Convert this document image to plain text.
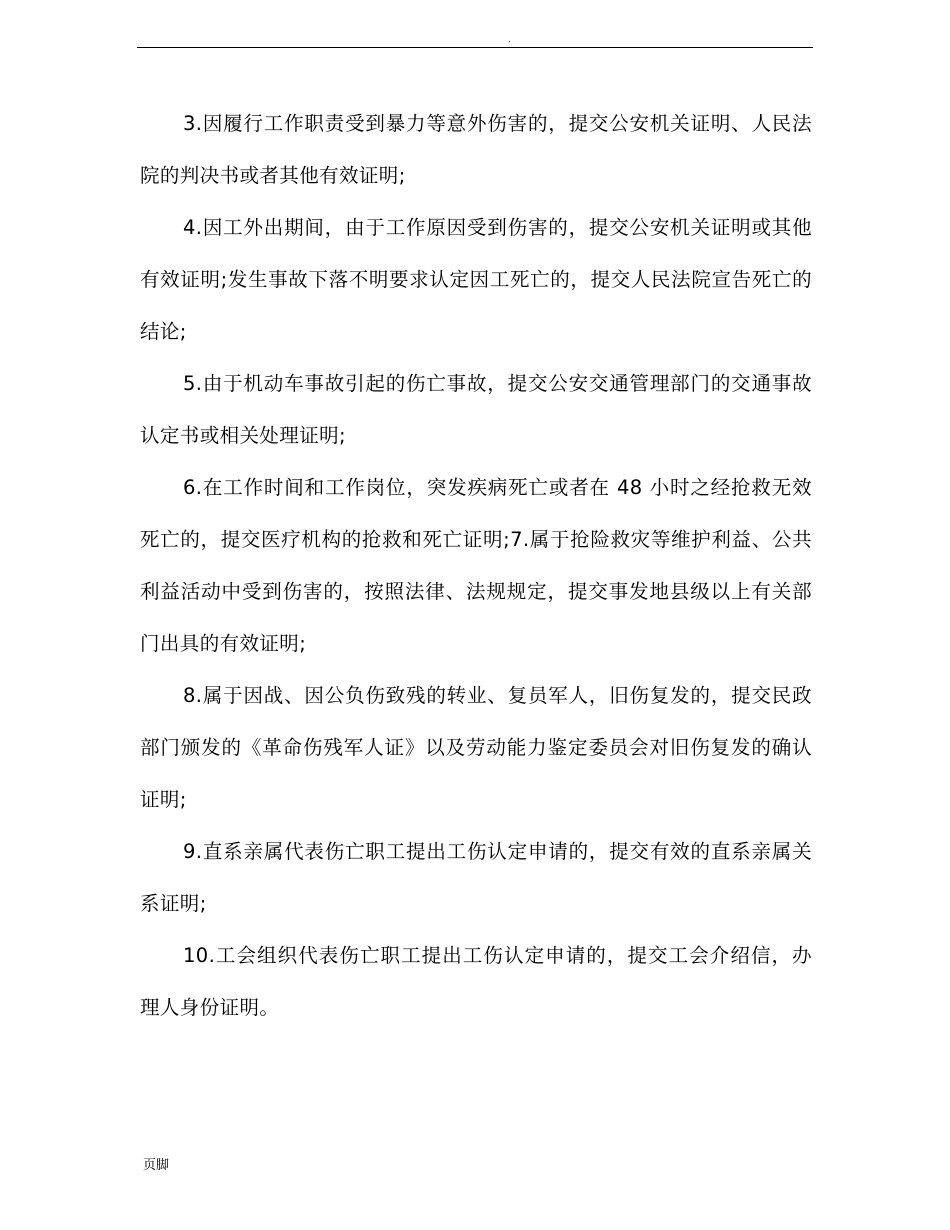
.

3.因履行工作职责受到暴力等意外伤害的，提交公安机关证明、人民法院的判决书或者其他有效证明;

4.因工外出期间，由于工作原因受到伤害的，提交公安机关证明或其他有效证明;发生事故下落不明要求认定因工死亡的，提交人民法院宣告死亡的结论;

5.由于机动车事故引起的伤亡事故，提交公安交通管理部门的交通事故认定书或相关处理证明;

6.在工作时间和工作岗位，突发疾病死亡或者在 48 小时之经抢救无效死亡的，提交医疗机构的抢救和死亡证明;7.属于抢险救灾等维护利益、公共利益活动中受到伤害的，按照法律、法规规定，提交事发地县级以上有关部门出具的有效证明;

8.属于因战、因公负伤致残的转业、复员军人，旧伤复发的，提交民政部门颁发的《革命伤残军人证》以及劳动能力鉴定委员会对旧伤复发的确认证明;

9.直系亲属代表伤亡职工提出工伤认定申请的，提交有效的直系亲属关系证明;

10.工会组织代表伤亡职工提出工伤认定申请的，提交工会介绍信，办理人身份证明。

页脚
